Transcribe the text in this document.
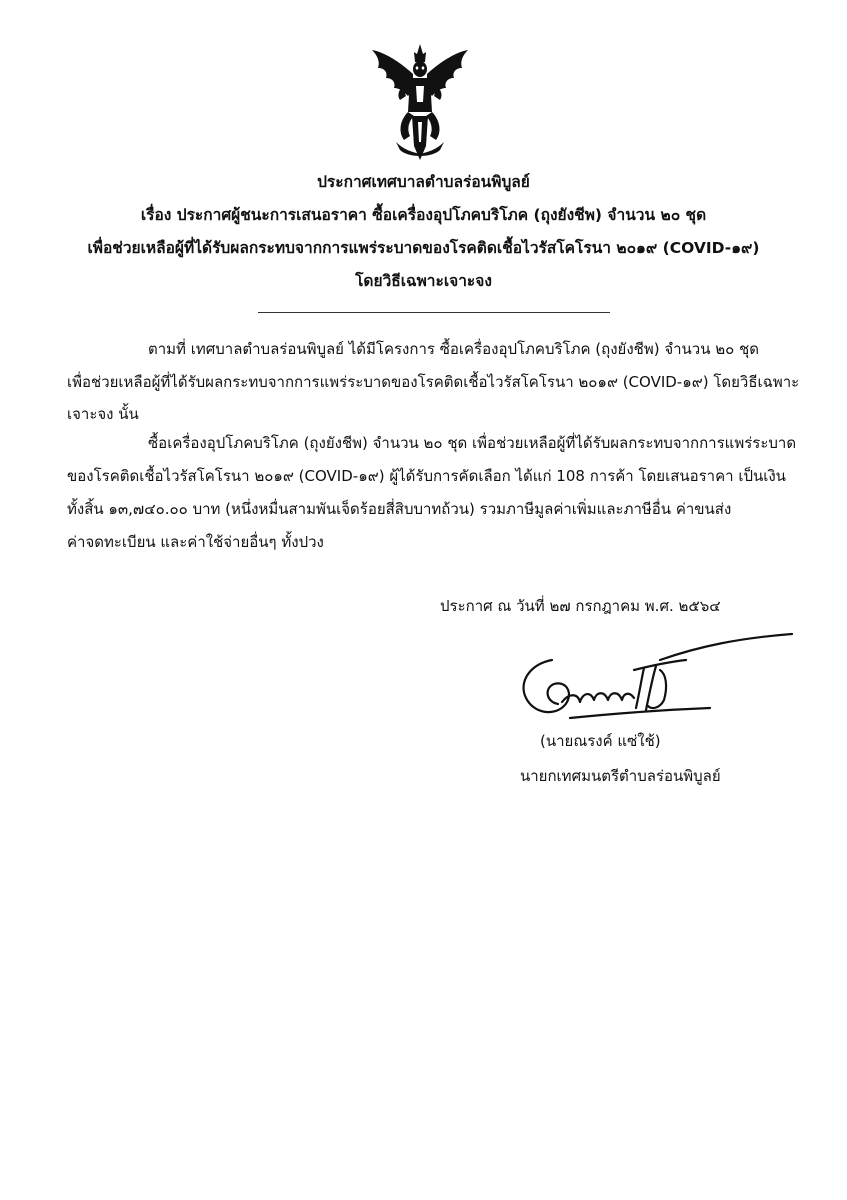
ประกาศเทศบาลตำบลร่อนพิบูลย์
เรื่อง ประกาศผู้ชนะการเสนอราคา ซื้อเครื่องอุปโภคบริโภค (ถุงยังชีพ) จำนวน ๒๐ ชุด
เพื่อช่วยเหลือผู้ที่ได้รับผลกระทบจากการแพร่ระบาดของโรคติดเชื้อไวรัสโคโรนา ๒๐๑๙ (COVID-๑๙)
โดยวิธีเฉพาะเจาะจง
ตามที่ เทศบาลตำบลร่อนพิบูลย์ ได้มีโครงการ ซื้อเครื่องอุปโภคบริโภค (ถุงยังชีพ) จำนวน ๒๐ ชุด
เพื่อช่วยเหลือผู้ที่ได้รับผลกระทบจากการแพร่ระบาดของโรคติดเชื้อไวรัสโคโรนา ๒๐๑๙ (COVID-๑๙) โดยวิธีเฉพาะ
เจาะจง นั้น
ซื้อเครื่องอุปโภคบริโภค (ถุงยังชีพ) จำนวน ๒๐ ชุด เพื่อช่วยเหลือผู้ที่ได้รับผลกระทบจากการแพร่ระบาด
ของโรคติดเชื้อไวรัสโคโรนา ๒๐๑๙ (COVID-๑๙) ผู้ได้รับการคัดเลือก ได้แก่ 108 การค้า โดยเสนอราคา เป็นเงิน
ทั้งสิ้น ๑๓,๗๔๐.๐๐ บาท (หนึ่งหมื่นสามพันเจ็ดร้อยสี่สิบบาทถ้วน) รวมภาษีมูลค่าเพิ่มและภาษีอื่น ค่าขนส่ง
ค่าจดทะเบียน และค่าใช้จ่ายอื่นๆ ทั้งปวง
ประกาศ ณ วันที่ ๒๗ กรกฎาคม พ.ศ. ๒๕๖๔
(นายณรงค์ แซ่ใช้)
นายกเทศมนตรีตำบลร่อนพิบูลย์
